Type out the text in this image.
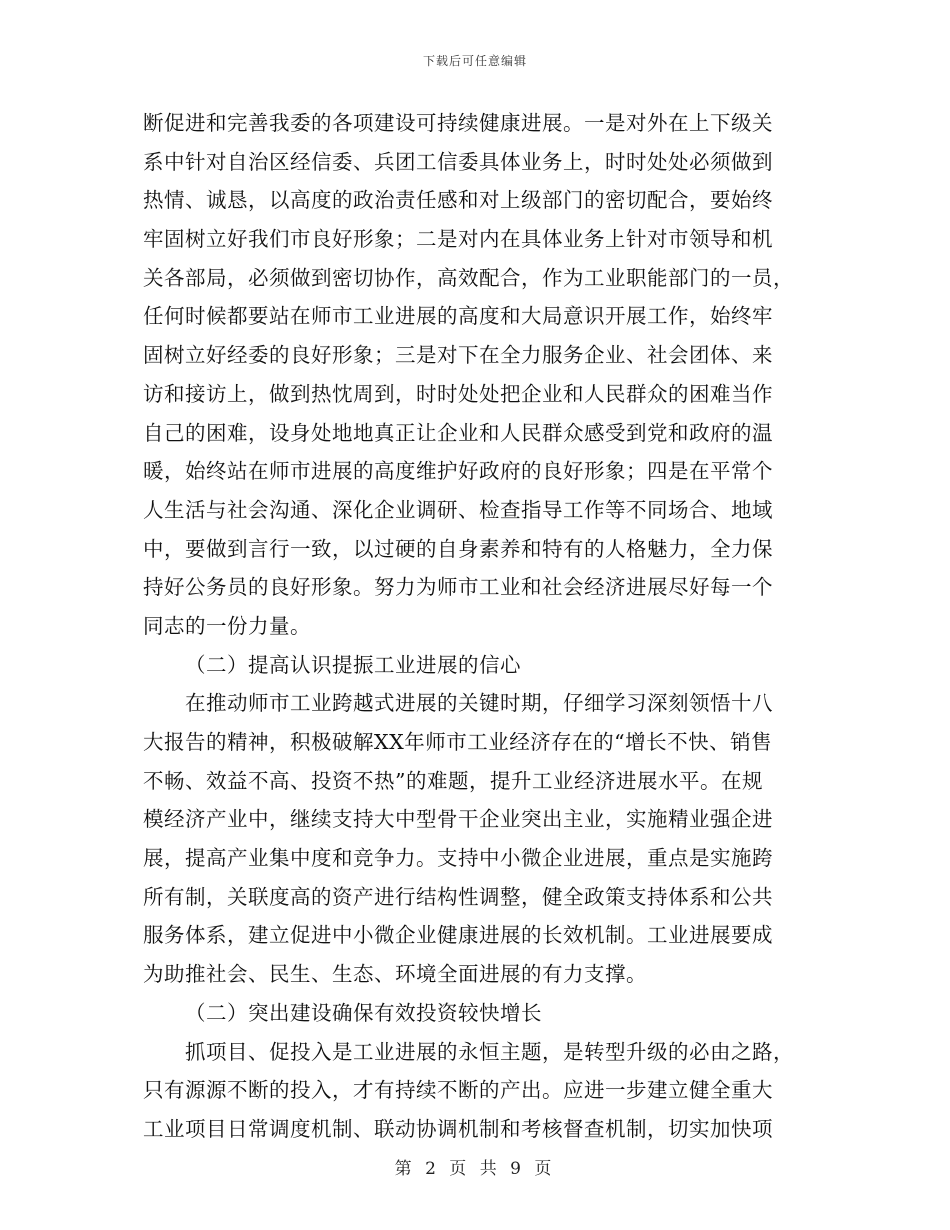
下载后可任意编辑
断促进和完善我委的各项建设可持续健康进展。一是对外在上下级关
系中针对自治区经信委、兵团工信委具体业务上，时时处处必须做到
热情、诚恳，以高度的政治责任感和对上级部门的密切配合，要始终
牢固树立好我们市良好形象；二是对内在具体业务上针对市领导和机
关各部局，必须做到密切协作，高效配合，作为工业职能部门的一员，
任何时候都要站在师市工业进展的高度和大局意识开展工作，始终牢
固树立好经委的良好形象；三是对下在全力服务企业、社会团体、来
访和接访上，做到热忱周到，时时处处把企业和人民群众的困难当作
自己的困难，设身处地地真正让企业和人民群众感受到党和政府的温
暖，始终站在师市进展的高度维护好政府的良好形象；四是在平常个
人生活与社会沟通、深化企业调研、检查指导工作等不同场合、地域
中，要做到言行一致，以过硬的自身素养和特有的人格魅力，全力保
持好公务员的良好形象。努力为师市工业和社会经济进展尽好每一个
同志的一份力量。
（二）提高认识提振工业进展的信心
在推动师市工业跨越式进展的关键时期，仔细学习深刻领悟十八
大报告的精神，积极破解XX年师市工业经济存在的“增长不快、销售
不畅、效益不高、投资不热”的难题，提升工业经济进展水平。在规
模经济产业中，继续支持大中型骨干企业突出主业，实施精业强企进
展，提高产业集中度和竞争力。支持中小微企业进展，重点是实施跨
所有制，关联度高的资产进行结构性调整，健全政策支持体系和公共
服务体系，建立促进中小微企业健康进展的长效机制。工业进展要成
为助推社会、民生、生态、环境全面进展的有力支撑。
（二）突出建设确保有效投资较快增长
抓项目、促投入是工业进展的永恒主题，是转型升级的必由之路，
只有源源不断的投入，才有持续不断的产出。应进一步建立健全重大
工业项目日常调度机制、联动协调机制和考核督查机制，切实加快项
第 2 页 共 9 页
